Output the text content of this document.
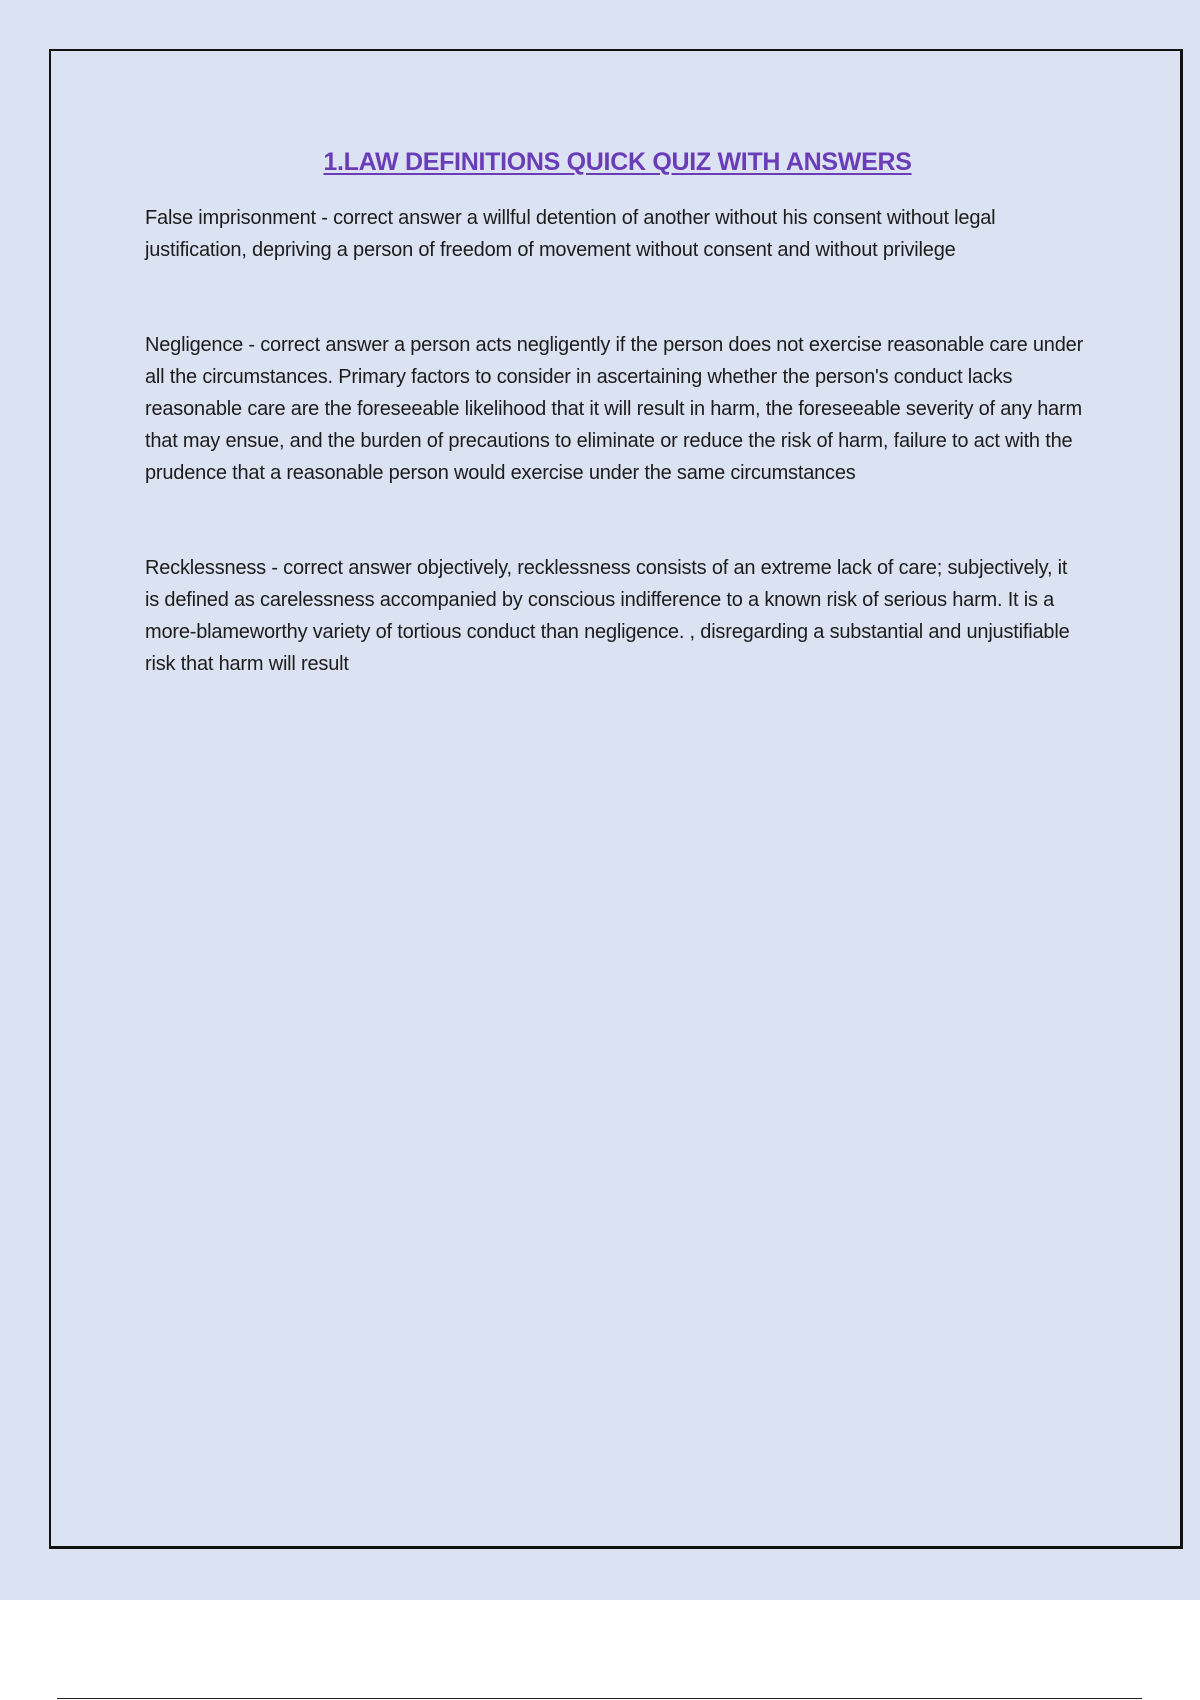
1.LAW DEFINITIONS QUICK QUIZ WITH ANSWERS

False imprisonment - correct answer a willful detention of another without his consent without legal justification, depriving a person of freedom of movement without consent and without privilege

Negligence - correct answer a person acts negligently if the person does not exercise reasonable care under all the circumstances. Primary factors to consider in ascertaining whether the person's conduct lacks reasonable care are the foreseeable likelihood that it will result in harm, the foreseeable severity of any harm that may ensue, and the burden of precautions to eliminate or reduce the risk of harm, failure to act with the prudence that a reasonable person would exercise under the same circumstances

Recklessness - correct answer objectively, recklessness consists of an extreme lack of care; subjectively, it is defined as carelessness accompanied by conscious indifference to a known risk of serious harm. It is a more-blameworthy variety of tortious conduct than negligence. , disregarding a substantial and unjustifiable risk that harm will result
